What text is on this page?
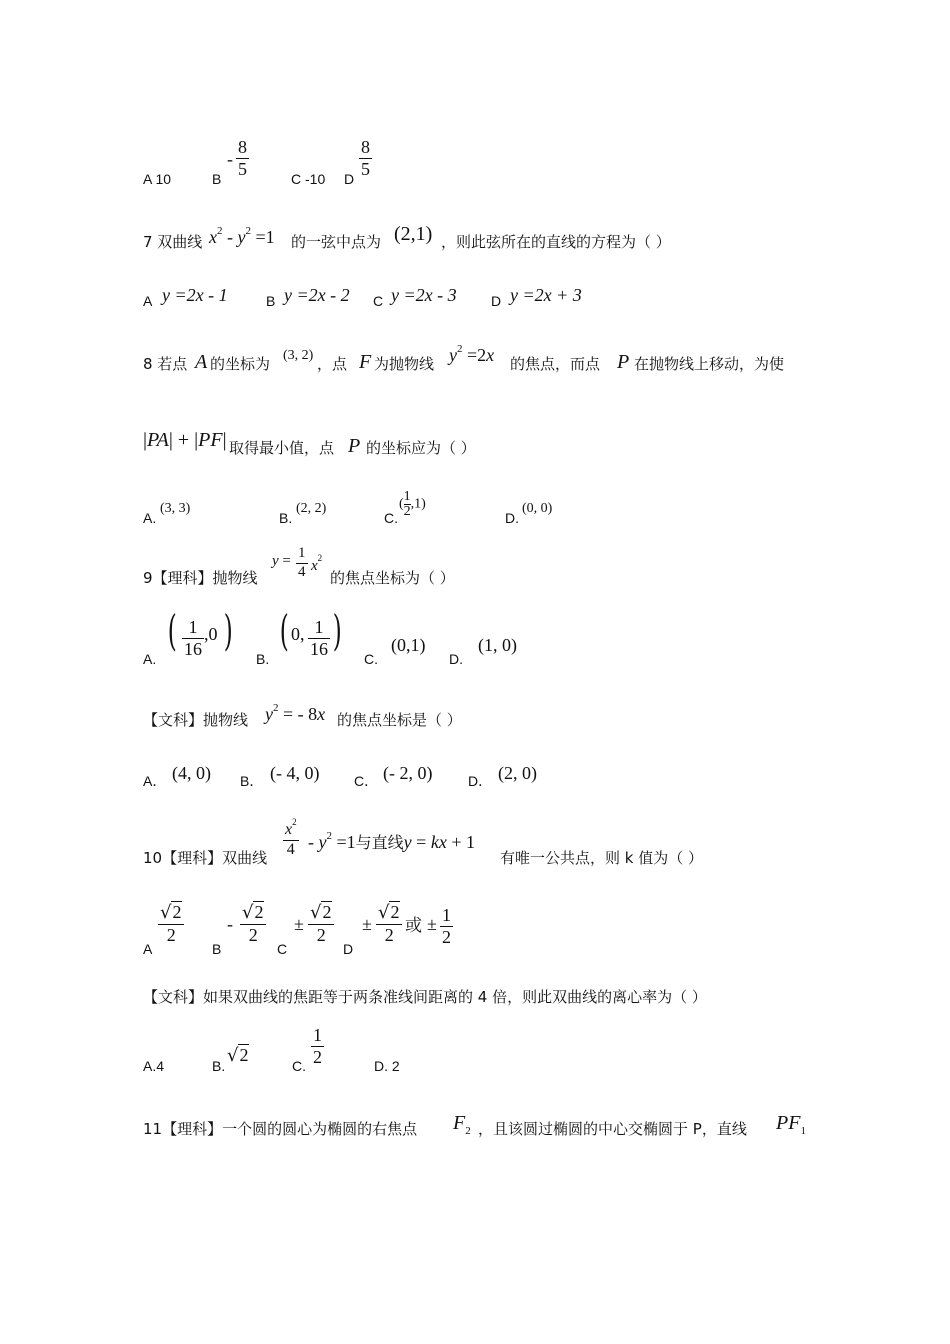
A 10	B
-
8
5
C -10 D
8
5
7 双曲线 $x^2 - y^2 =1$ 的一弦中点为 (2,1) ，则此弦所在的直线的方程为（ ）
A y =2x - 1	B y =2x - 2 C y =2x - 3 D y =2x + 3
8 若点 A 的坐标为 (3, 2) ，点 F 为抛物线 $y^2 =2x$ 的焦点，而点 P 在抛物线上移动，为使
|PA| + |PF| 取得最小值，点 P 的坐标应为（ ）
A.
(3, 3)
B.
(2, 2)
C.
( $\frac{1}{2} ,1$)
D.
(0, 0)
9【理科】抛物线
y = 1
4 $x^2$
的焦点坐标为（ ）
A.
( 1
16
,0 )
B.
( 0, 1
16 )
C.
(0,1)
D.
(1, 0)
【文科】抛物线 $y^2$ = - 8x 的焦点坐标是（ ）
A． (4, 0) B． (- 4, 0) C． (- 2, 0)	D． (2, 0)
10【理科】双曲线
$x^2$
$4 - y^2 =1$与直线y = kx + 1
有唯一公共点，则 k 值为（ ）
A
√2
2
B
-
√2
2
C
±
√2
2
D
±
√2
2 或 ± 1
2
【文科】如果双曲线的焦距等于两条准线间距离的 4 倍，则此双曲线的离心率为（ ）
A.4	B. √2
C.
1
2	D. 2
11【理科】一个圆的圆心为椭圆的右焦点 $F_2$ ，且该圆过椭圆的中心交椭圆于 P，直线 $PF_1$
